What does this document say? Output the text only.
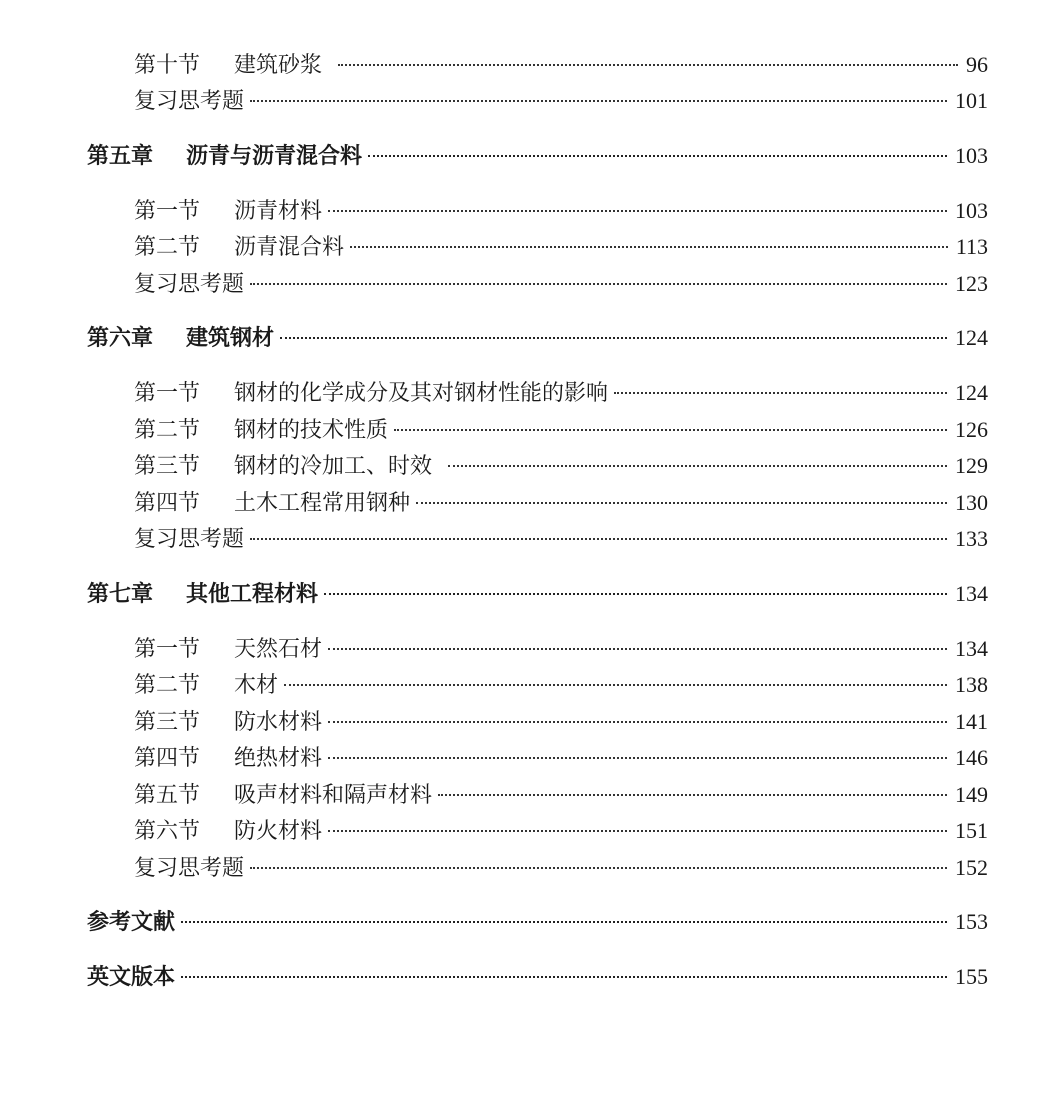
第十节 建筑砂浆	96
复习思考题	101
第五章 沥青与沥青混合料	103
第一节 沥青材料	103
第二节 沥青混合料	113
复习思考题	123
第六章 建筑钢材	124
第一节 钢材的化学成分及其对钢材性能的影响	124
第二节 钢材的技术性质	126
第三节 钢材的冷加工、时效	129
第四节 土木工程常用钢种	130
复习思考题	133
第七章 其他工程材料	134
第一节 天然石材	134
第二节 木材	138
第三节 防水材料	141
第四节 绝热材料	146
第五节 吸声材料和隔声材料	149
第六节 防火材料	151
复习思考题	152
参考文献	153
英文版本	155
